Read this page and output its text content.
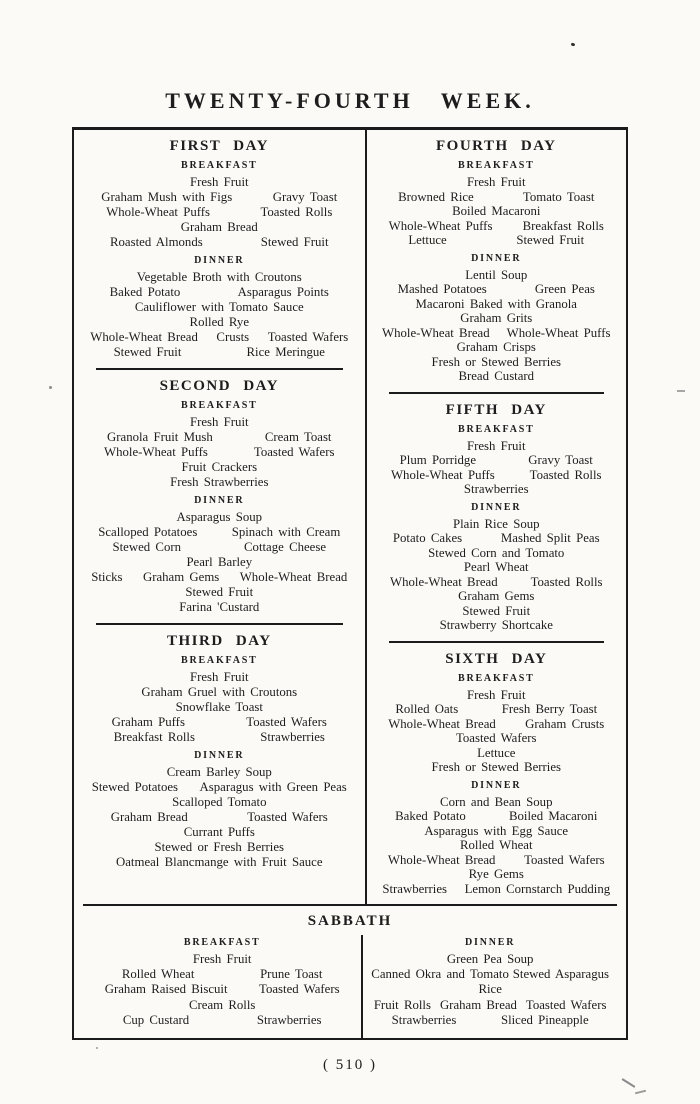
TWENTY-FOURTH WEEK.
FIRST DAY
BREAKFAST
Fresh Fruit
Graham Mush with Figs	Gravy Toast
Whole-Wheat Puffs	Toasted Rolls
Graham Bread
Roasted Almonds	Stewed Fruit
DINNER
Vegetable Broth with Croutons
Baked Potato	Asparagus Points
Cauliflower with Tomato Sauce
Rolled Rye
Whole-Wheat Bread Crusts Toasted Wafers
Stewed Fruit	Rice Meringue
SECOND DAY
BREAKFAST
Fresh Fruit
Granola Fruit Mush	Cream Toast
Whole-Wheat Puffs	Toasted Wafers
Fruit Crackers
Fresh Strawberries
DINNER
Asparagus Soup
Scalloped Potatoes	Spinach with Cream
Stewed Corn	Cottage Cheese
Pearl Barley
Sticks Graham Gems Whole-Wheat Bread
Stewed Fruit
Farina 'Custard
THIRD DAY
BREAKFAST
Fresh Fruit
Graham Gruel with Croutons
Snowflake Toast
Graham Puffs	Toasted Wafers
Breakfast Rolls	Strawberries
DINNER
Cream Barley Soup
Stewed Potatoes Asparagus with Green Peas
Scalloped Tomato
Graham Bread	Toasted Wafers
Currant Puffs
Stewed or Fresh Berries
Oatmeal Blancmange with Fruit Sauce
FOURTH DAY
BREAKFAST
Fresh Fruit
Browned Rice	Tomato Toast
Boiled Macaroni
Whole-Wheat Puffs Breakfast Rolls
Lettuce	Stewed Fruit
DINNER
Lentil Soup
Mashed Potatoes	Green Peas
Macaroni Baked with Granola
Graham Grits
Whole-Wheat Bread Whole-Wheat Puffs
Graham Crisps
Fresh or Stewed Berries
Bread Custard
FIFTH DAY
BREAKFAST
Fresh Fruit
Plum Porridge	Gravy Toast
Whole-Wheat Puffs	Toasted Rolls
Strawberries
DINNER
Plain Rice Soup
Potato Cakes	Mashed Split Peas
Stewed Corn and Tomato
Pearl Wheat
Whole-Wheat Bread	Toasted Rolls
Graham Gems
Stewed Fruit
Strawberry Shortcake
SIXTH DAY
BREAKFAST
Fresh Fruit
Rolled Oats	Fresh Berry Toast
Whole-Wheat Bread Graham Crusts
Toasted Wafers
Lettuce
Fresh or Stewed Berries
DINNER
Corn and Bean Soup
Baked Potato	Boiled Macaroni
Asparagus with Egg Sauce
Rolled Wheat
Whole-Wheat Bread Toasted Wafers
Rye Gems
Strawberries Lemon Cornstarch Pudding
SABBATH
BREAKFAST
Fresh Fruit
Rolled Wheat	Prune Toast
Graham Raised Biscuit Toasted Wafers
Cream Rolls
Cup Custard	Strawberries
DINNER
Green Pea Soup
Canned Okra and Tomato Stewed Asparagus
Rice
Fruit Rolls Graham Bread Toasted Wafers
Strawberries	Sliced Pineapple
( 510 )
